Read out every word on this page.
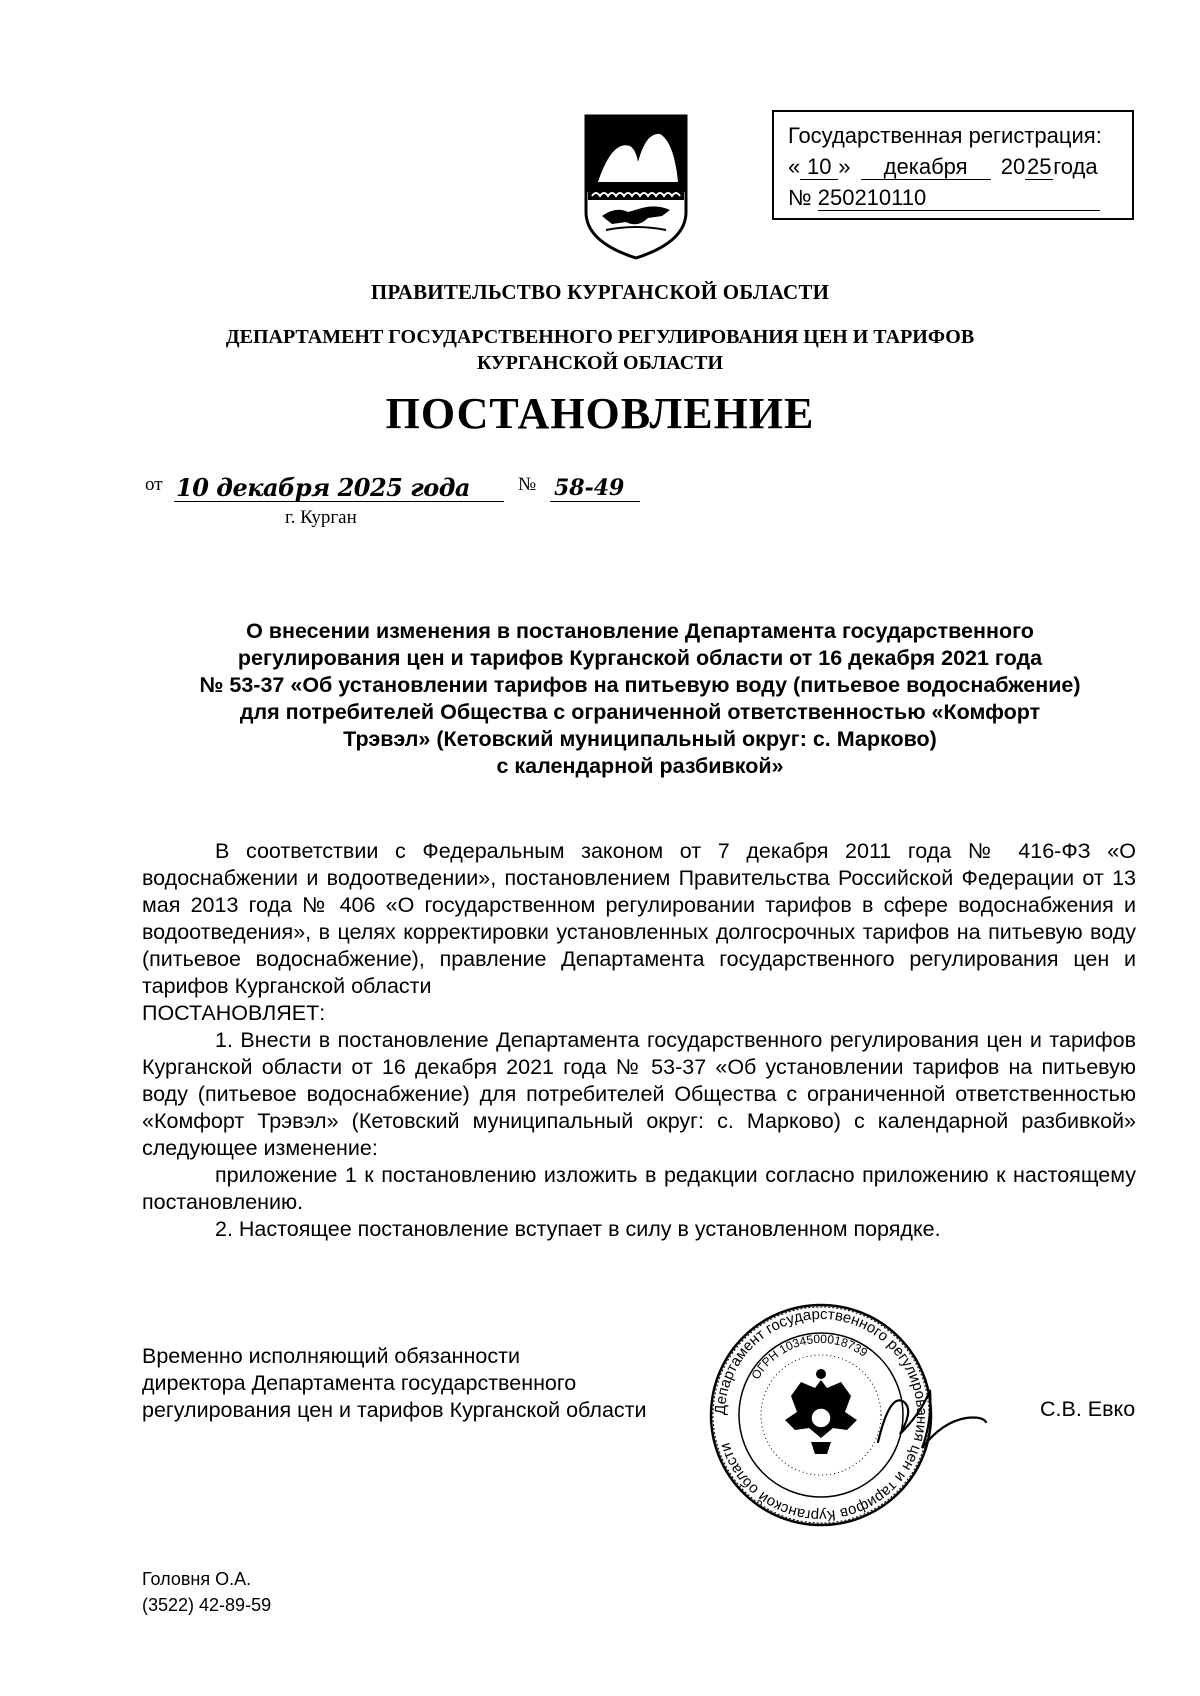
Государственная регистрация:
« 10 » декабря 2025года
№ 250210110
ПРАВИТЕЛЬСТВО КУРГАНСКОЙ ОБЛАСТИ
ДЕПАРТАМЕНТ ГОСУДАРСТВЕННОГО РЕГУЛИРОВАНИЯ ЦЕН И ТАРИФОВ
КУРГАНСКОЙ ОБЛАСТИ
ПОСТАНОВЛЕНИЕ
от 10 декабря 2025 года	№ 58-49
г. Курган
О внесении изменения в постановление Департамента государственного
регулирования цен и тарифов Курганской области от 16 декабря 2021 года
№ 53-37 «Об установлении тарифов на питьевую воду (питьевое водоснабжение)
для потребителей Общества с ограниченной ответственностью «Комфорт
Трэвэл» (Кетовский муниципальный округ: с. Марково)
с календарной разбивкой»

В соответствии с Федеральным законом от 7 декабря 2011 года № 416-ФЗ «О водоснабжении и водоотведении», постановлением Правительства Российской Федерации от 13 мая 2013 года № 406 «О государственном регулировании тарифов в сфере водоснабжения и водоотведения», в целях корректировки установленных долгосрочных тарифов на питьевую воду (питьевое водоснабжение), правление Департамента государственного регулирования цен и тарифов Курганской области

ПОСТАНОВЛЯЕТ:

1. Внести в постановление Департамента государственного регулирования цен и тарифов Курганской области от 16 декабря 2021 года № 53-37 «Об установлении тарифов на питьевую воду (питьевое водоснабжение) для потребителей Общества с ограниченной ответственностью «Комфорт Трэвэл» (Кетовский муниципальный округ: с. Марково) с календарной разбивкой» следующее изменение:

приложение 1 к постановлению изложить в редакции согласно приложению к настоящему постановлению.

2. Настоящее постановление вступает в силу в установленном порядке.

Временно исполняющий обязанности
директора Департамента государственного
регулирования цен и тарифов Курганской области	Департамент государственного регулирования цен и тарифов Курганской области
ОГРН 1034500018739
С.В. Евко
Головня О.А.
(3522) 42-89-59
